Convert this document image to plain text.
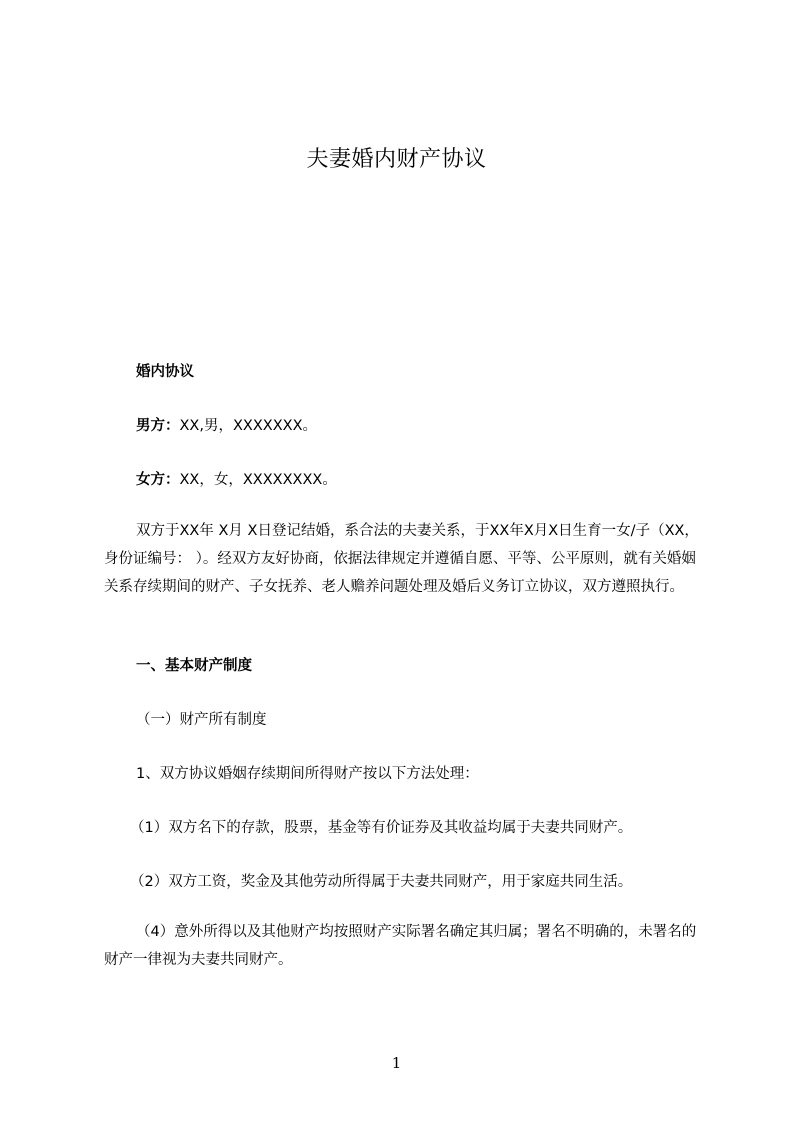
夫妻婚内财产协议
婚内协议
男方：XX,男，XXXXXXX。
女方：XX，女，XXXXXXXX。
双方于XX年 X月 X日登记结婚，系合法的夫妻关系，于XX年X月X日生育一女/子（XX，身份证编号： ）。经双方友好协商，依据法律规定并遵循自愿、平等、公平原则，就有关婚姻关系存续期间的财产、子女抚养、老人赡养问题处理及婚后义务订立协议，双方遵照执行。
一、基本财产制度
（一）财产所有制度
1、双方协议婚姻存续期间所得财产按以下方法处理：
（1）双方名下的存款，股票，基金等有价证券及其收益均属于夫妻共同财产。
（2）双方工资，奖金及其他劳动所得属于夫妻共同财产，用于家庭共同生活。
（4）意外所得以及其他财产均按照财产实际署名确定其归属；署名不明确的，未署名的财产一律视为夫妻共同财产。
1
